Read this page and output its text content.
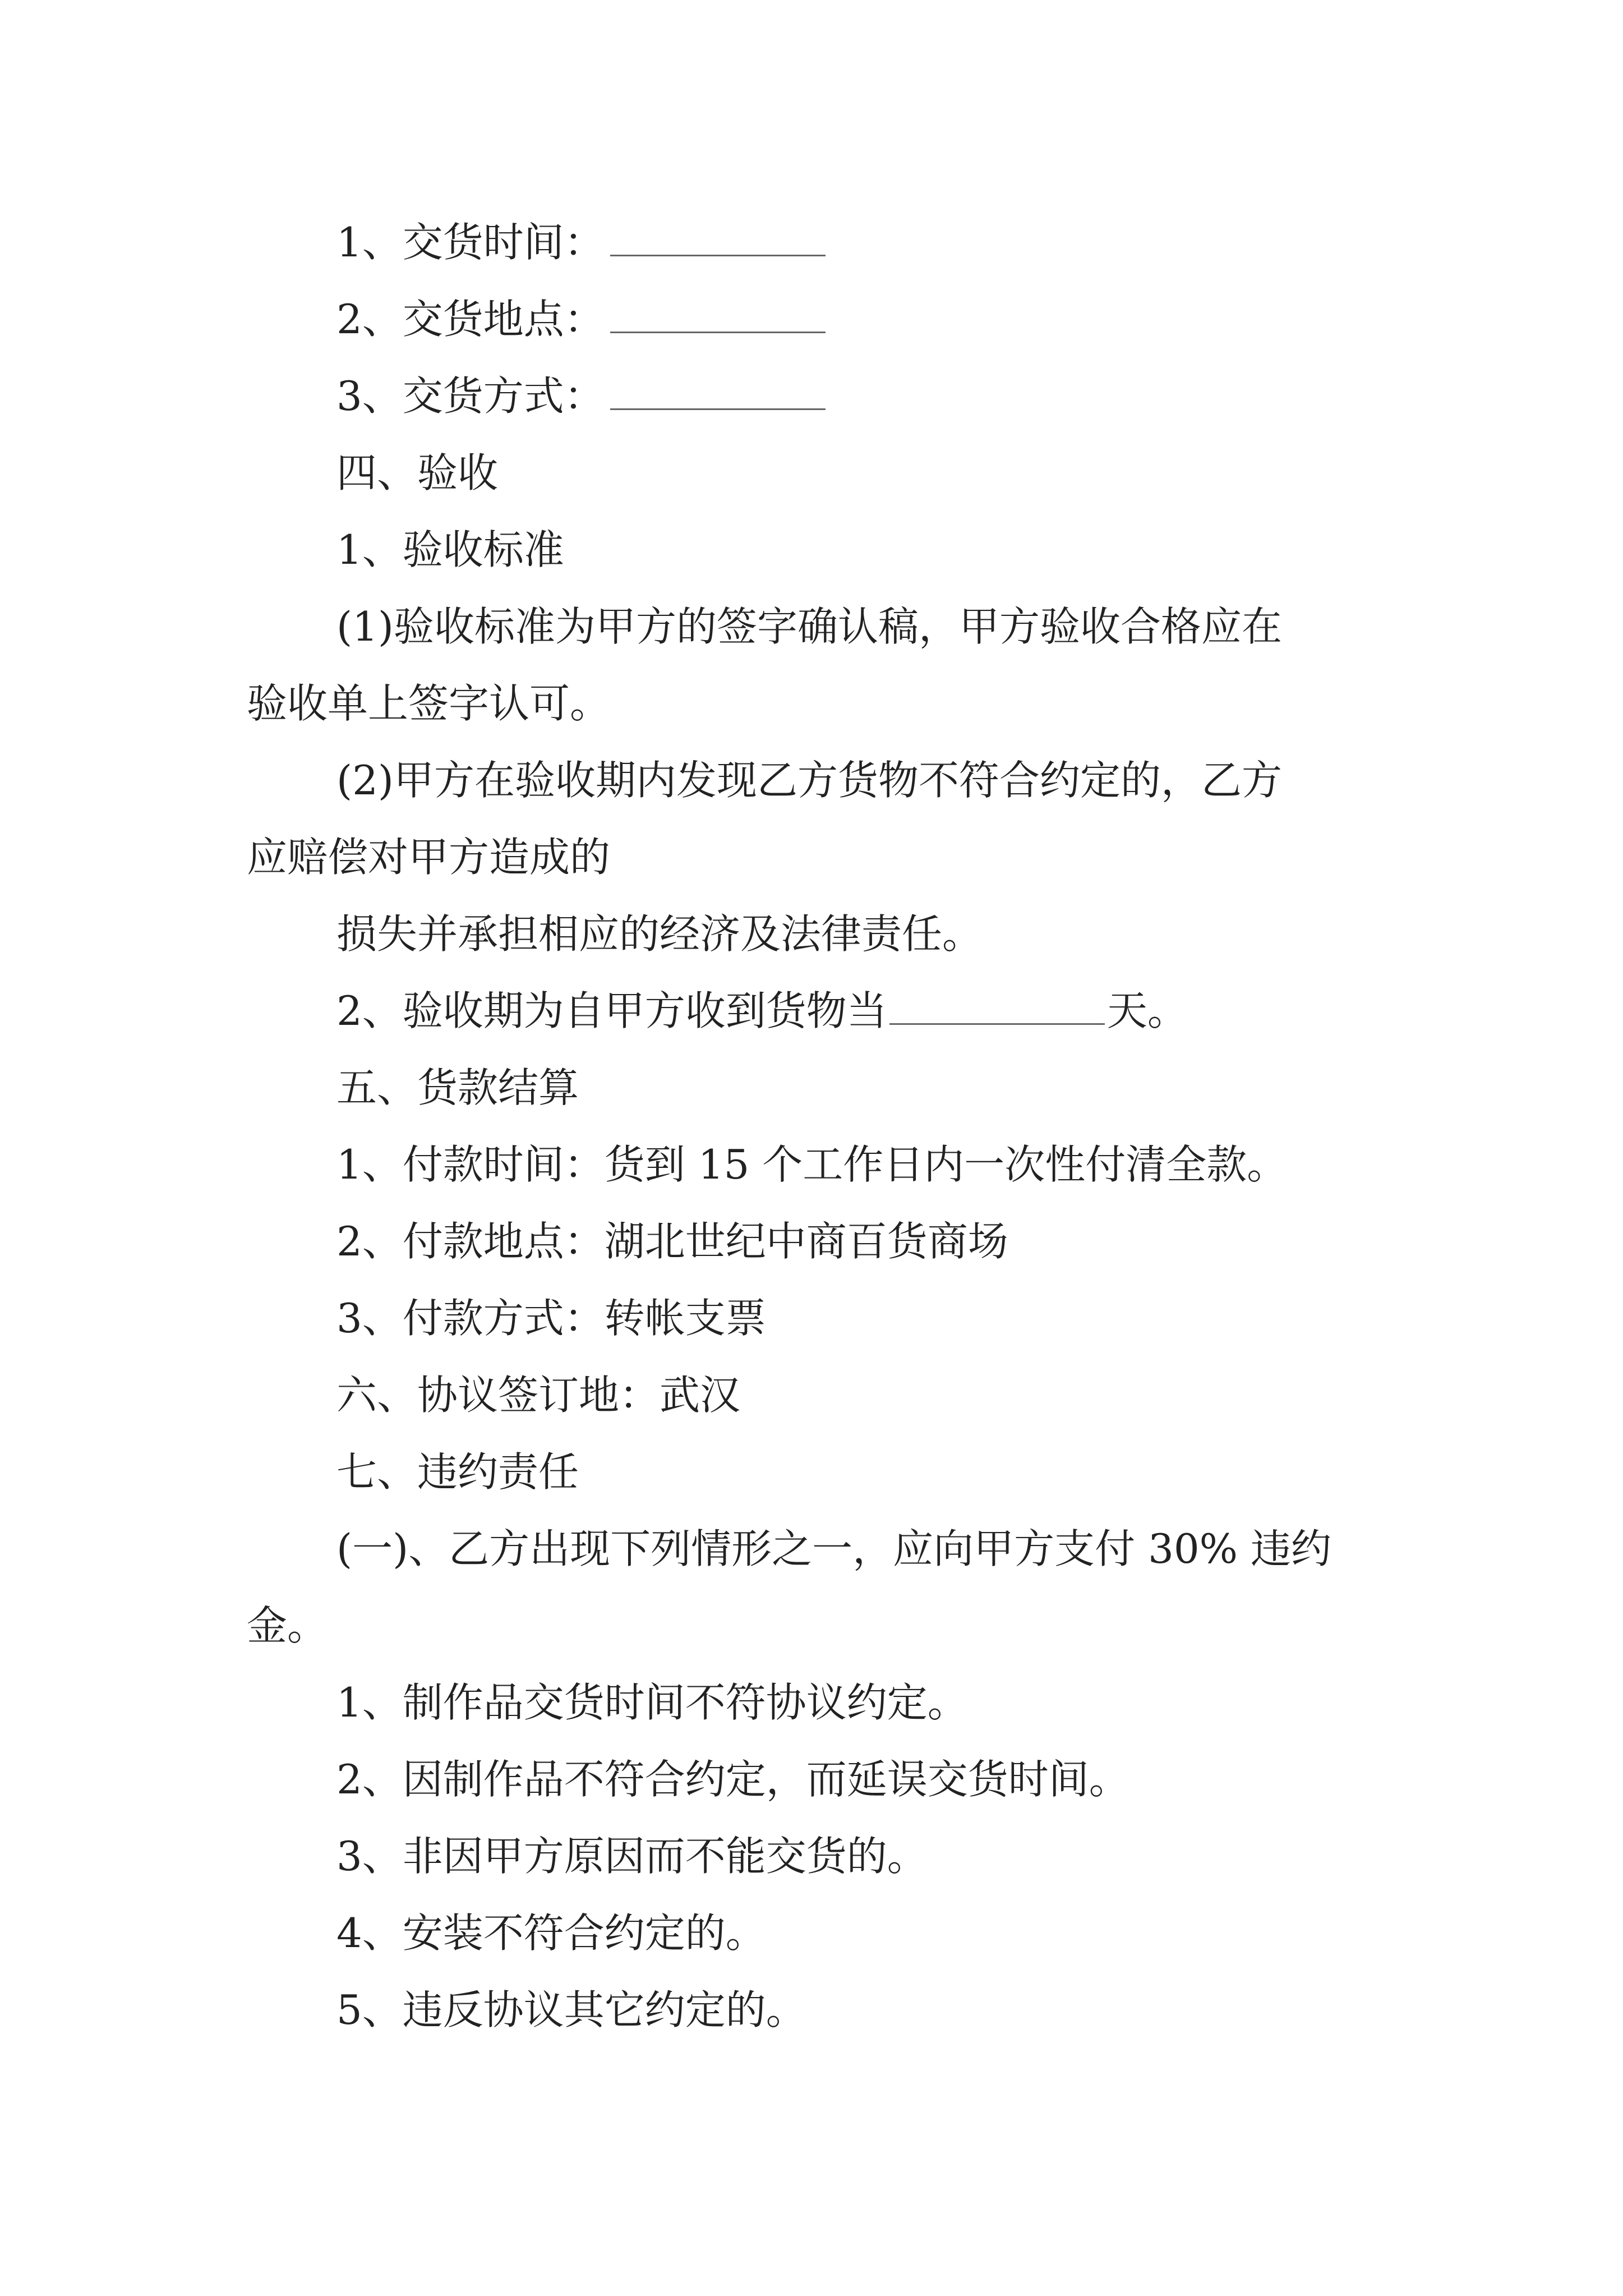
1、交货时间：

2、交货地点：

3、交货方式：

四、验收

1、验收标准

(1)验收标准为甲方的签字确认稿，甲方验收合格应在

验收单上签字认可。

(2)甲方在验收期内发现乙方货物不符合约定的，乙方

应赔偿对甲方造成的

损失并承担相应的经济及法律责任。

2、验收期为自甲方收到货物当	天。

五、货款结算

1、付款时间：货到 15 个工作日内一次性付清全款。

2、付款地点：湖北世纪中商百货商场

3、付款方式：转帐支票

六、协议签订地：武汉

七、违约责任

(一)、乙方出现下列情形之一，应向甲方支付 30% 违约

金。

1、制作品交货时间不符协议约定。

2、因制作品不符合约定，而延误交货时间。

3、非因甲方原因而不能交货的。

4、安装不符合约定的。

5、违反协议其它约定的。
